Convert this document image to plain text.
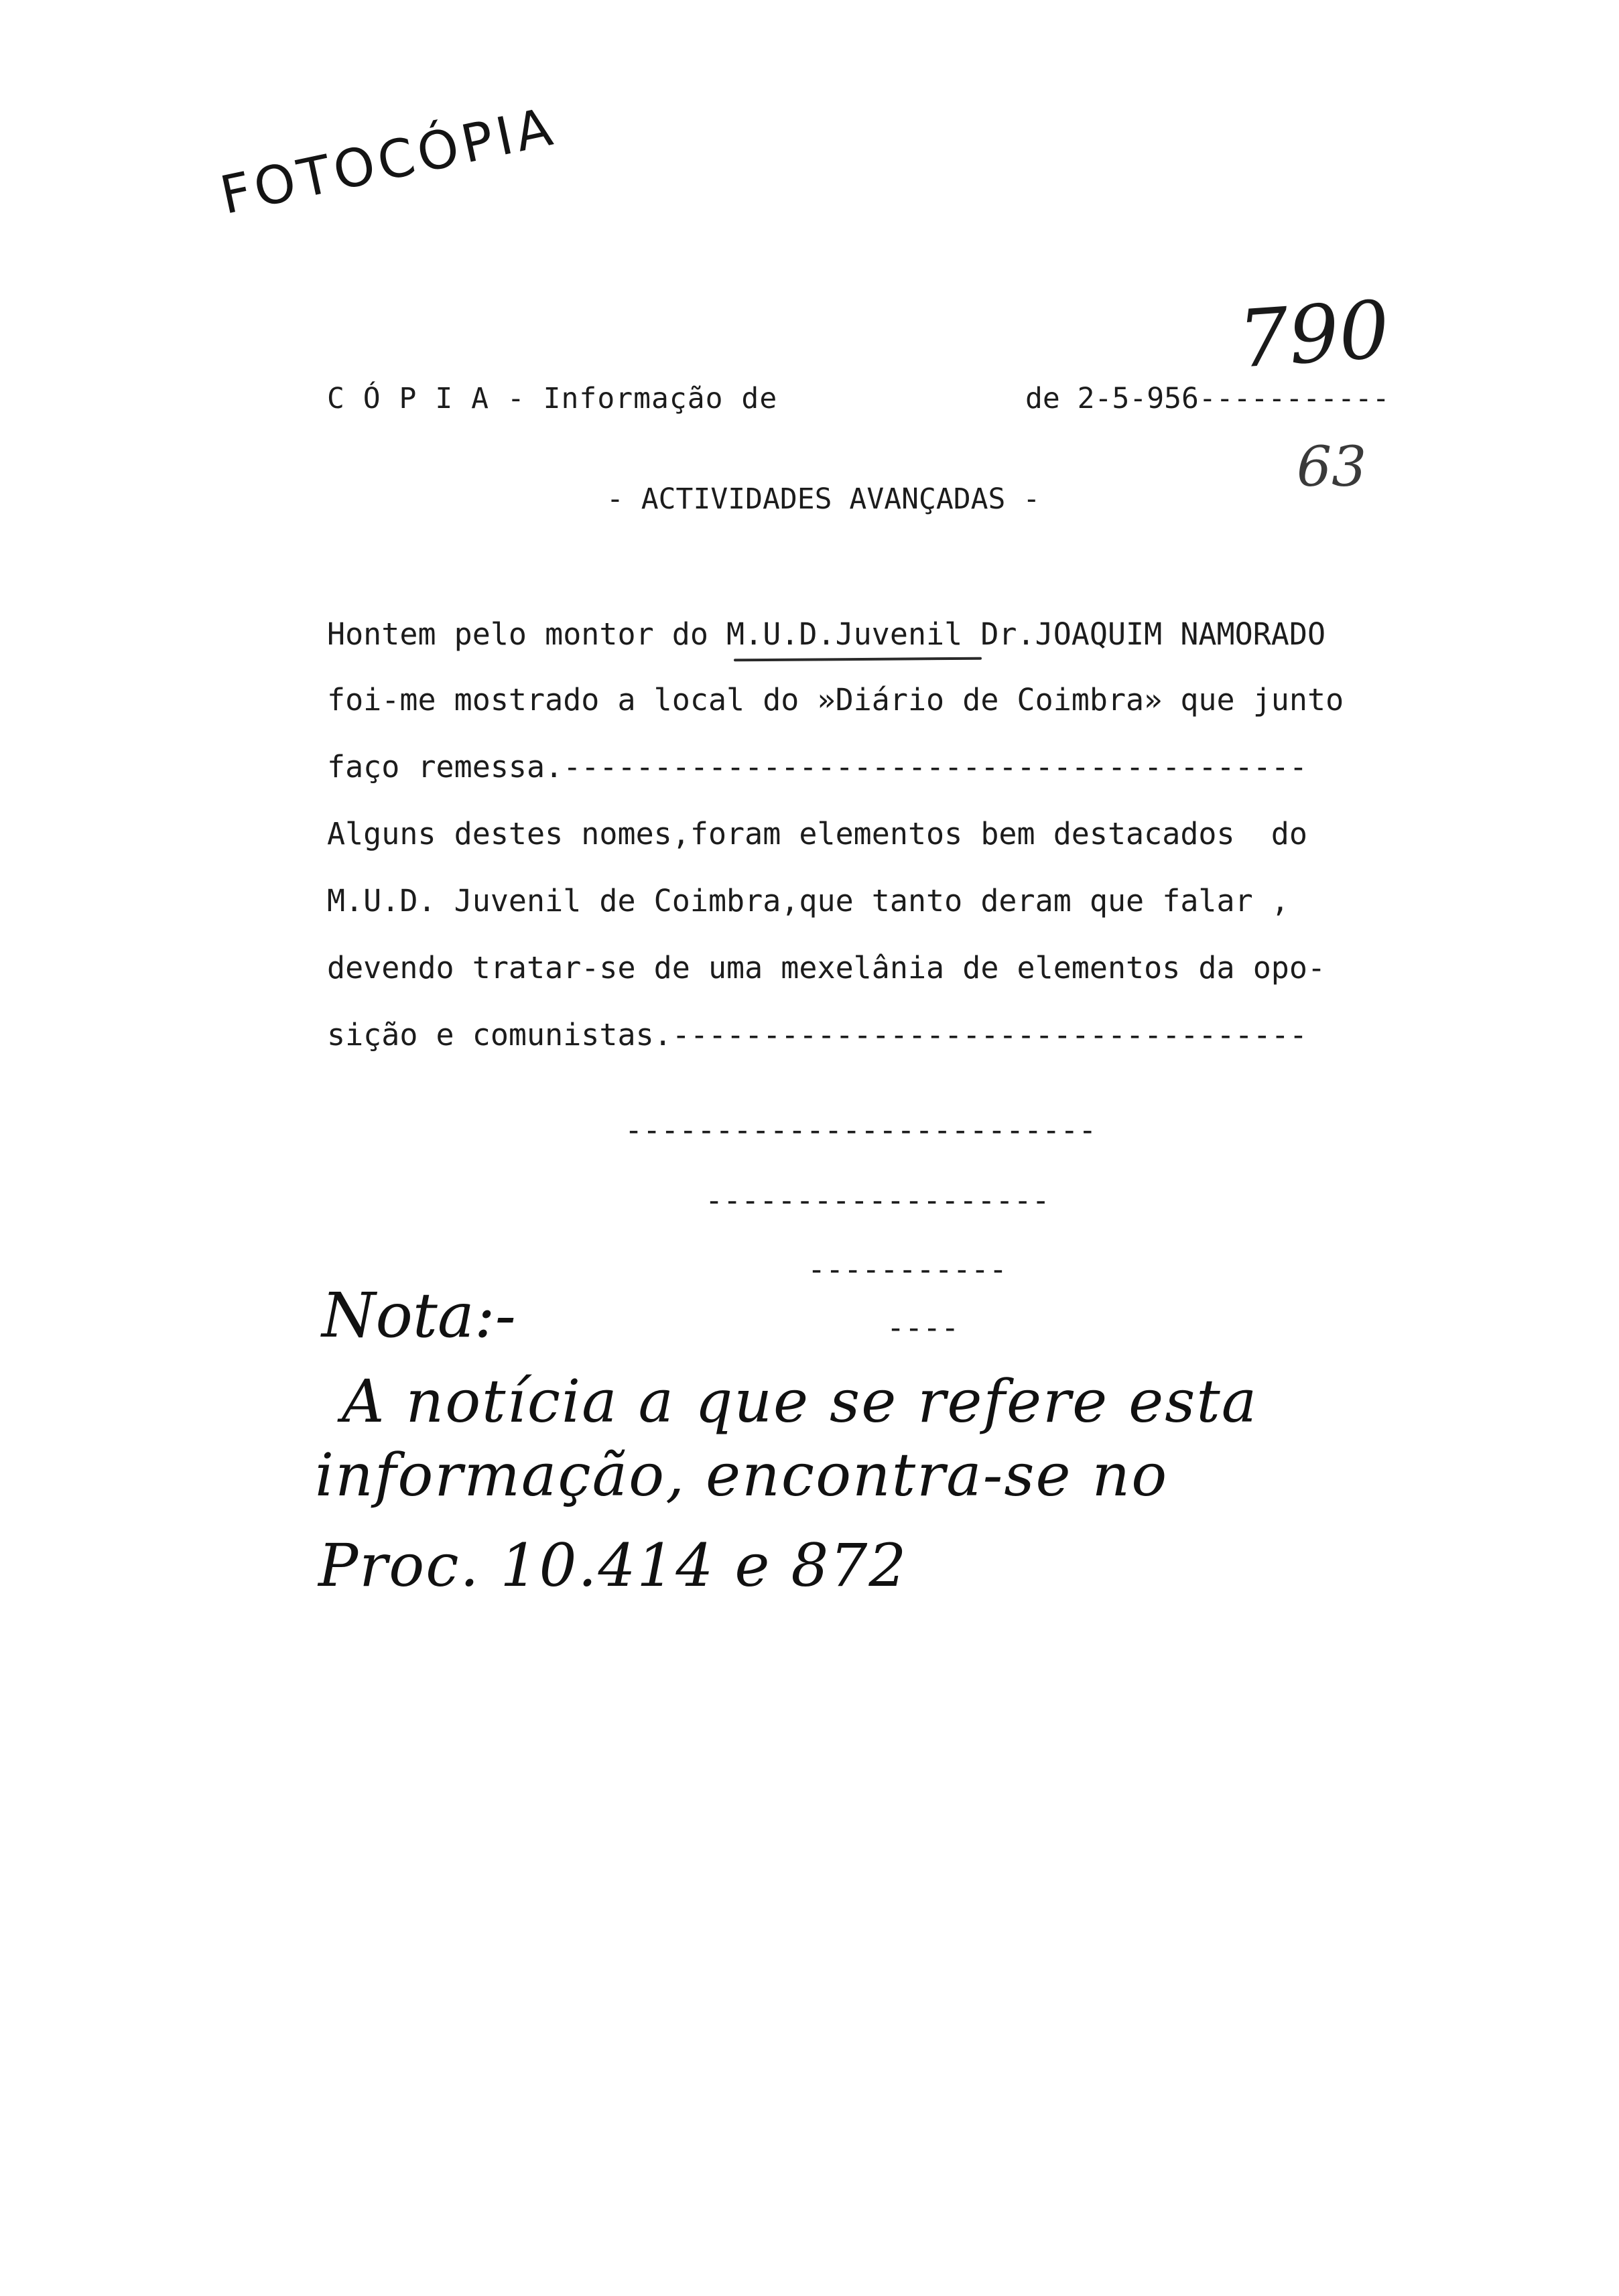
FOTOCÓPIA
790
63
C Ó P I A - Informação de	de 2-5-956-----------
- ACTIVIDADES AVANÇADAS -
Hontem pelo montor do M.U.D.Juvenil Dr.JOAQUIM NAMORADO
foi-me mostrado a local do »Diário de Coimbra» que junto
faço remessa.-----------------------------------------
Alguns destes nomes,foram elementos bem destacados  do
M.U.D. Juvenil de Coimbra,que tanto deram que falar ,
devendo tratar-se de uma mexelânia de elementos da opo-
sição e comunistas.-----------------------------------
--------------------------
-------------------
-----------
----
Nota:-
A notícia a que se refere esta
informação, encontra-se no
Proc. 10.414 e 872
